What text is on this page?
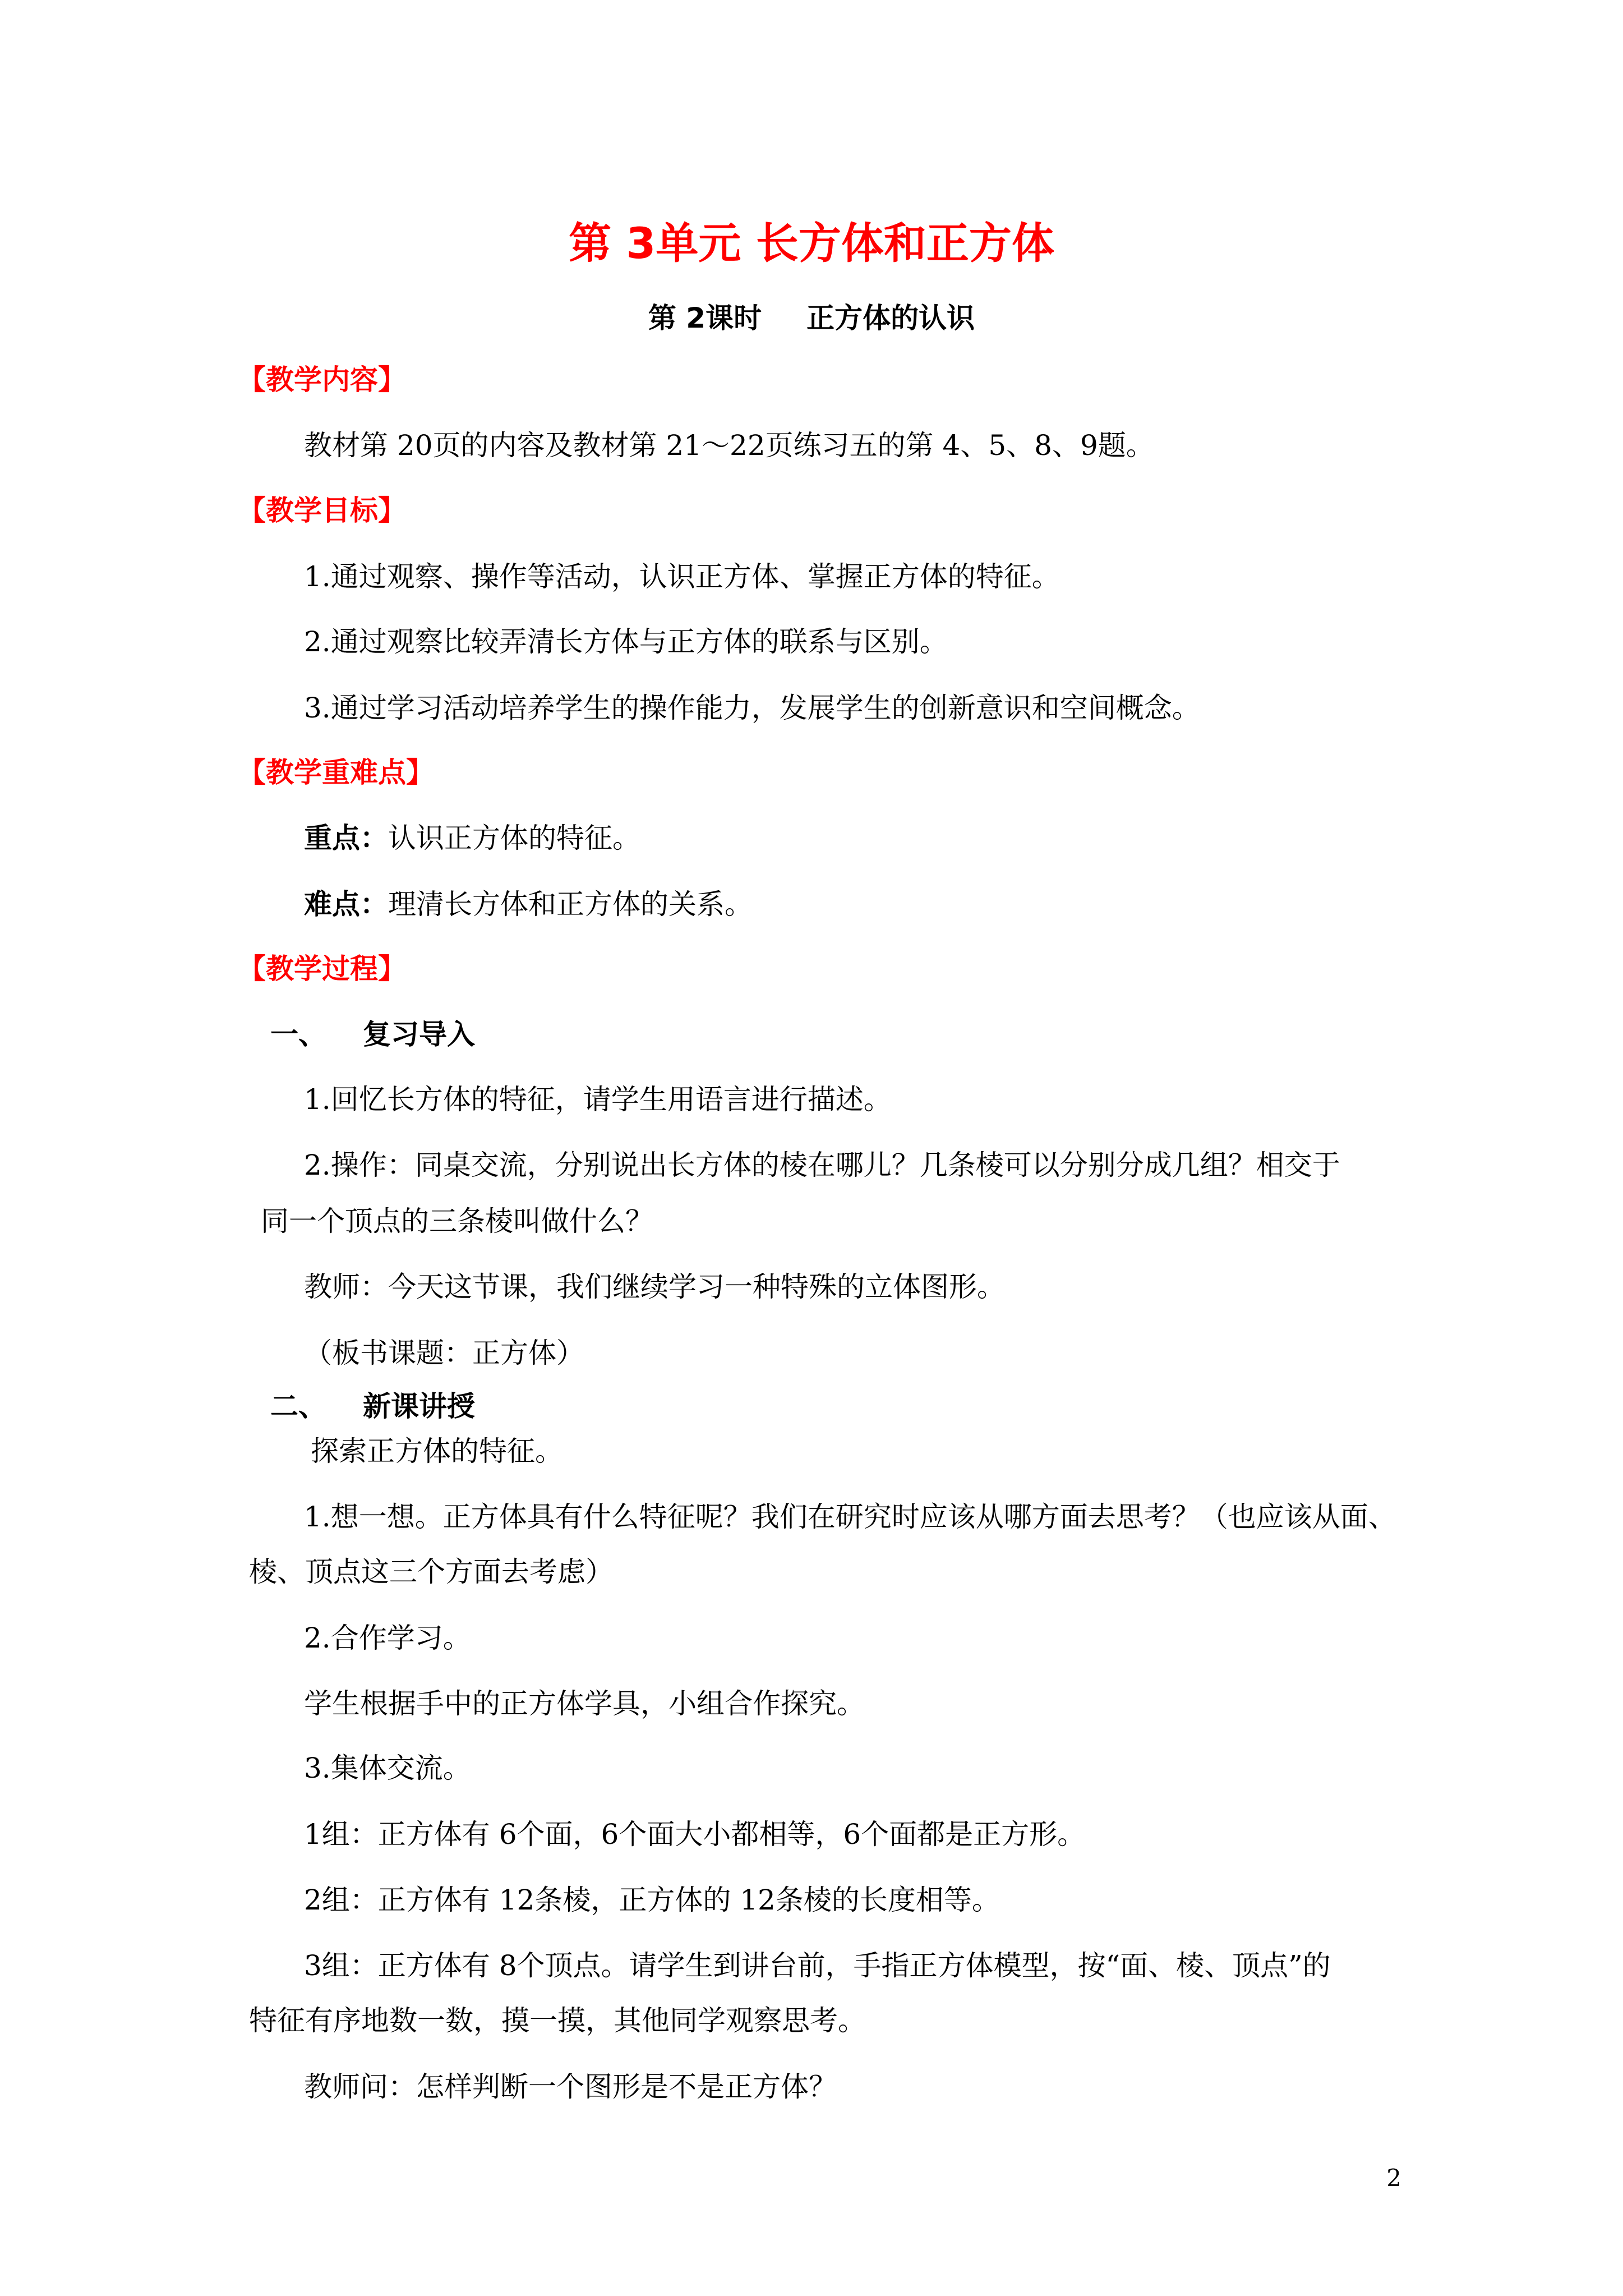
第 3单元 长方体和正方体
第 2课时 正方体的认识
【教学内容】
教材第 20页的内容及教材第 21～22页练习五的第 4、5、8、9题。
【教学目标】
1.通过观察、操作等活动，认识正方体、掌握正方体的特征。
2.通过观察比较弄清长方体与正方体的联系与区别。
3.通过学习活动培养学生的操作能力，发展学生的创新意识和空间概念。
【教学重难点】
重点：认识正方体的特征。
难点：理清长方体和正方体的关系。
【教学过程】
一、 复习导入
1.回忆长方体的特征，请学生用语言进行描述。
2.操作：同桌交流，分别说出长方体的棱在哪儿？几条棱可以分别分成几组？相交于
同一个顶点的三条棱叫做什么？
教师：今天这节课，我们继续学习一种特殊的立体图形。
（板书课题：正方体）
二、 新课讲授
探索正方体的特征。
1.想一想。正方体具有什么特征呢？我们在研究时应该从哪方面去思考？（也应该从面、
棱、顶点这三个方面去考虑）
2.合作学习。
学生根据手中的正方体学具，小组合作探究。
3.集体交流。
1组：正方体有 6个面，6个面大小都相等，6个面都是正方形。
2组：正方体有 12条棱，正方体的 12条棱的长度相等。
3组：正方体有 8个顶点。请学生到讲台前，手指正方体模型，按“面、棱、顶点”的
特征有序地数一数，摸一摸，其他同学观察思考。
教师问：怎样判断一个图形是不是正方体？
2
